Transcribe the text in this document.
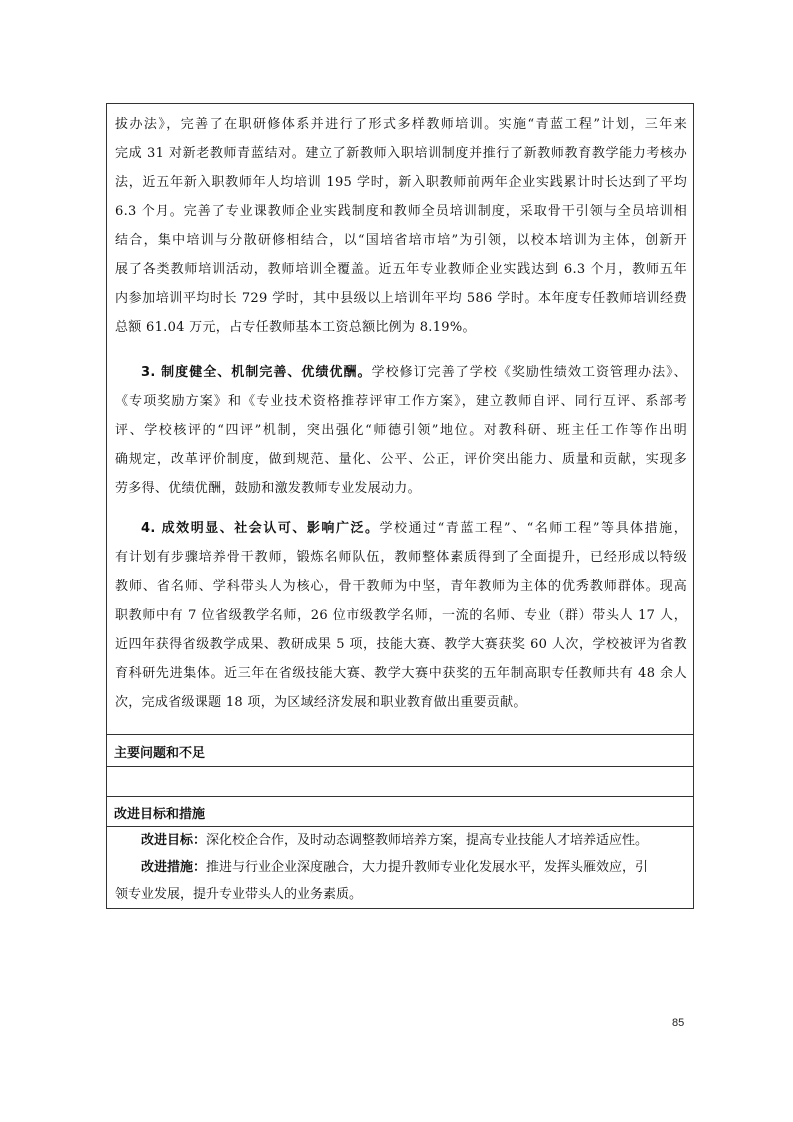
拔办法》，完善了在职研修体系并进行了形式多样教师培训。实施“青蓝工程”计划，三年来
完成 31 对新老教师青蓝结对。建立了新教师入职培训制度并推行了新教师教育教学能力考核办
法，近五年新入职教师年人均培训 195 学时，新入职教师前两年企业实践累计时长达到了平均
6.3 个月。完善了专业课教师企业实践制度和教师全员培训制度，采取骨干引领与全员培训相
结合，集中培训与分散研修相结合，以“国培省培市培”为引领，以校本培训为主体，创新开
展了各类教师培训活动，教师培训全覆盖。近五年专业教师企业实践达到 6.3 个月，教师五年
内参加培训平均时长 729 学时，其中县级以上培训年平均 586 学时。本年度专任教师培训经费
总额 61.04 万元，占专任教师基本工资总额比例为 8.19%。
3. 制度健全、机制完善、优绩优酬。学校修订完善了学校《奖励性绩效工资管理办法》、
《专项奖励方案》和《专业技术资格推荐评审工作方案》，建立教师自评、同行互评、系部考
评、学校核评的“四评”机制，突出强化“师德引领”地位。对教科研、班主任工作等作出明
确规定，改革评价制度，做到规范、量化、公平、公正，评价突出能力、质量和贡献，实现多
劳多得、优绩优酬，鼓励和激发教师专业发展动力。
4. 成效明显、社会认可、影响广泛。学校通过“青蓝工程”、“名师工程”等具体措施，
有计划有步骤培养骨干教师，锻炼名师队伍，教师整体素质得到了全面提升，已经形成以特级
教师、省名师、学科带头人为核心，骨干教师为中坚，青年教师为主体的优秀教师群体。现高
职教师中有 7 位省级教学名师，26 位市级教学名师，一流的名师、专业（群）带头人 17 人，
近四年获得省级教学成果、教研成果 5 项，技能大赛、教学大赛获奖 60 人次，学校被评为省教
育科研先进集体。近三年在省级技能大赛、教学大赛中获奖的五年制高职专任教师共有 48 余人
次，完成省级课题 18 项，为区域经济发展和职业教育做出重要贡献。
主要问题和不足
改进目标和措施
改进目标：深化校企合作，及时动态调整教师培养方案，提高专业技能人才培养适应性。
改进措施：推进与行业企业深度融合，大力提升教师专业化发展水平，发挥头雁效应，引
领专业发展，提升专业带头人的业务素质。
85
